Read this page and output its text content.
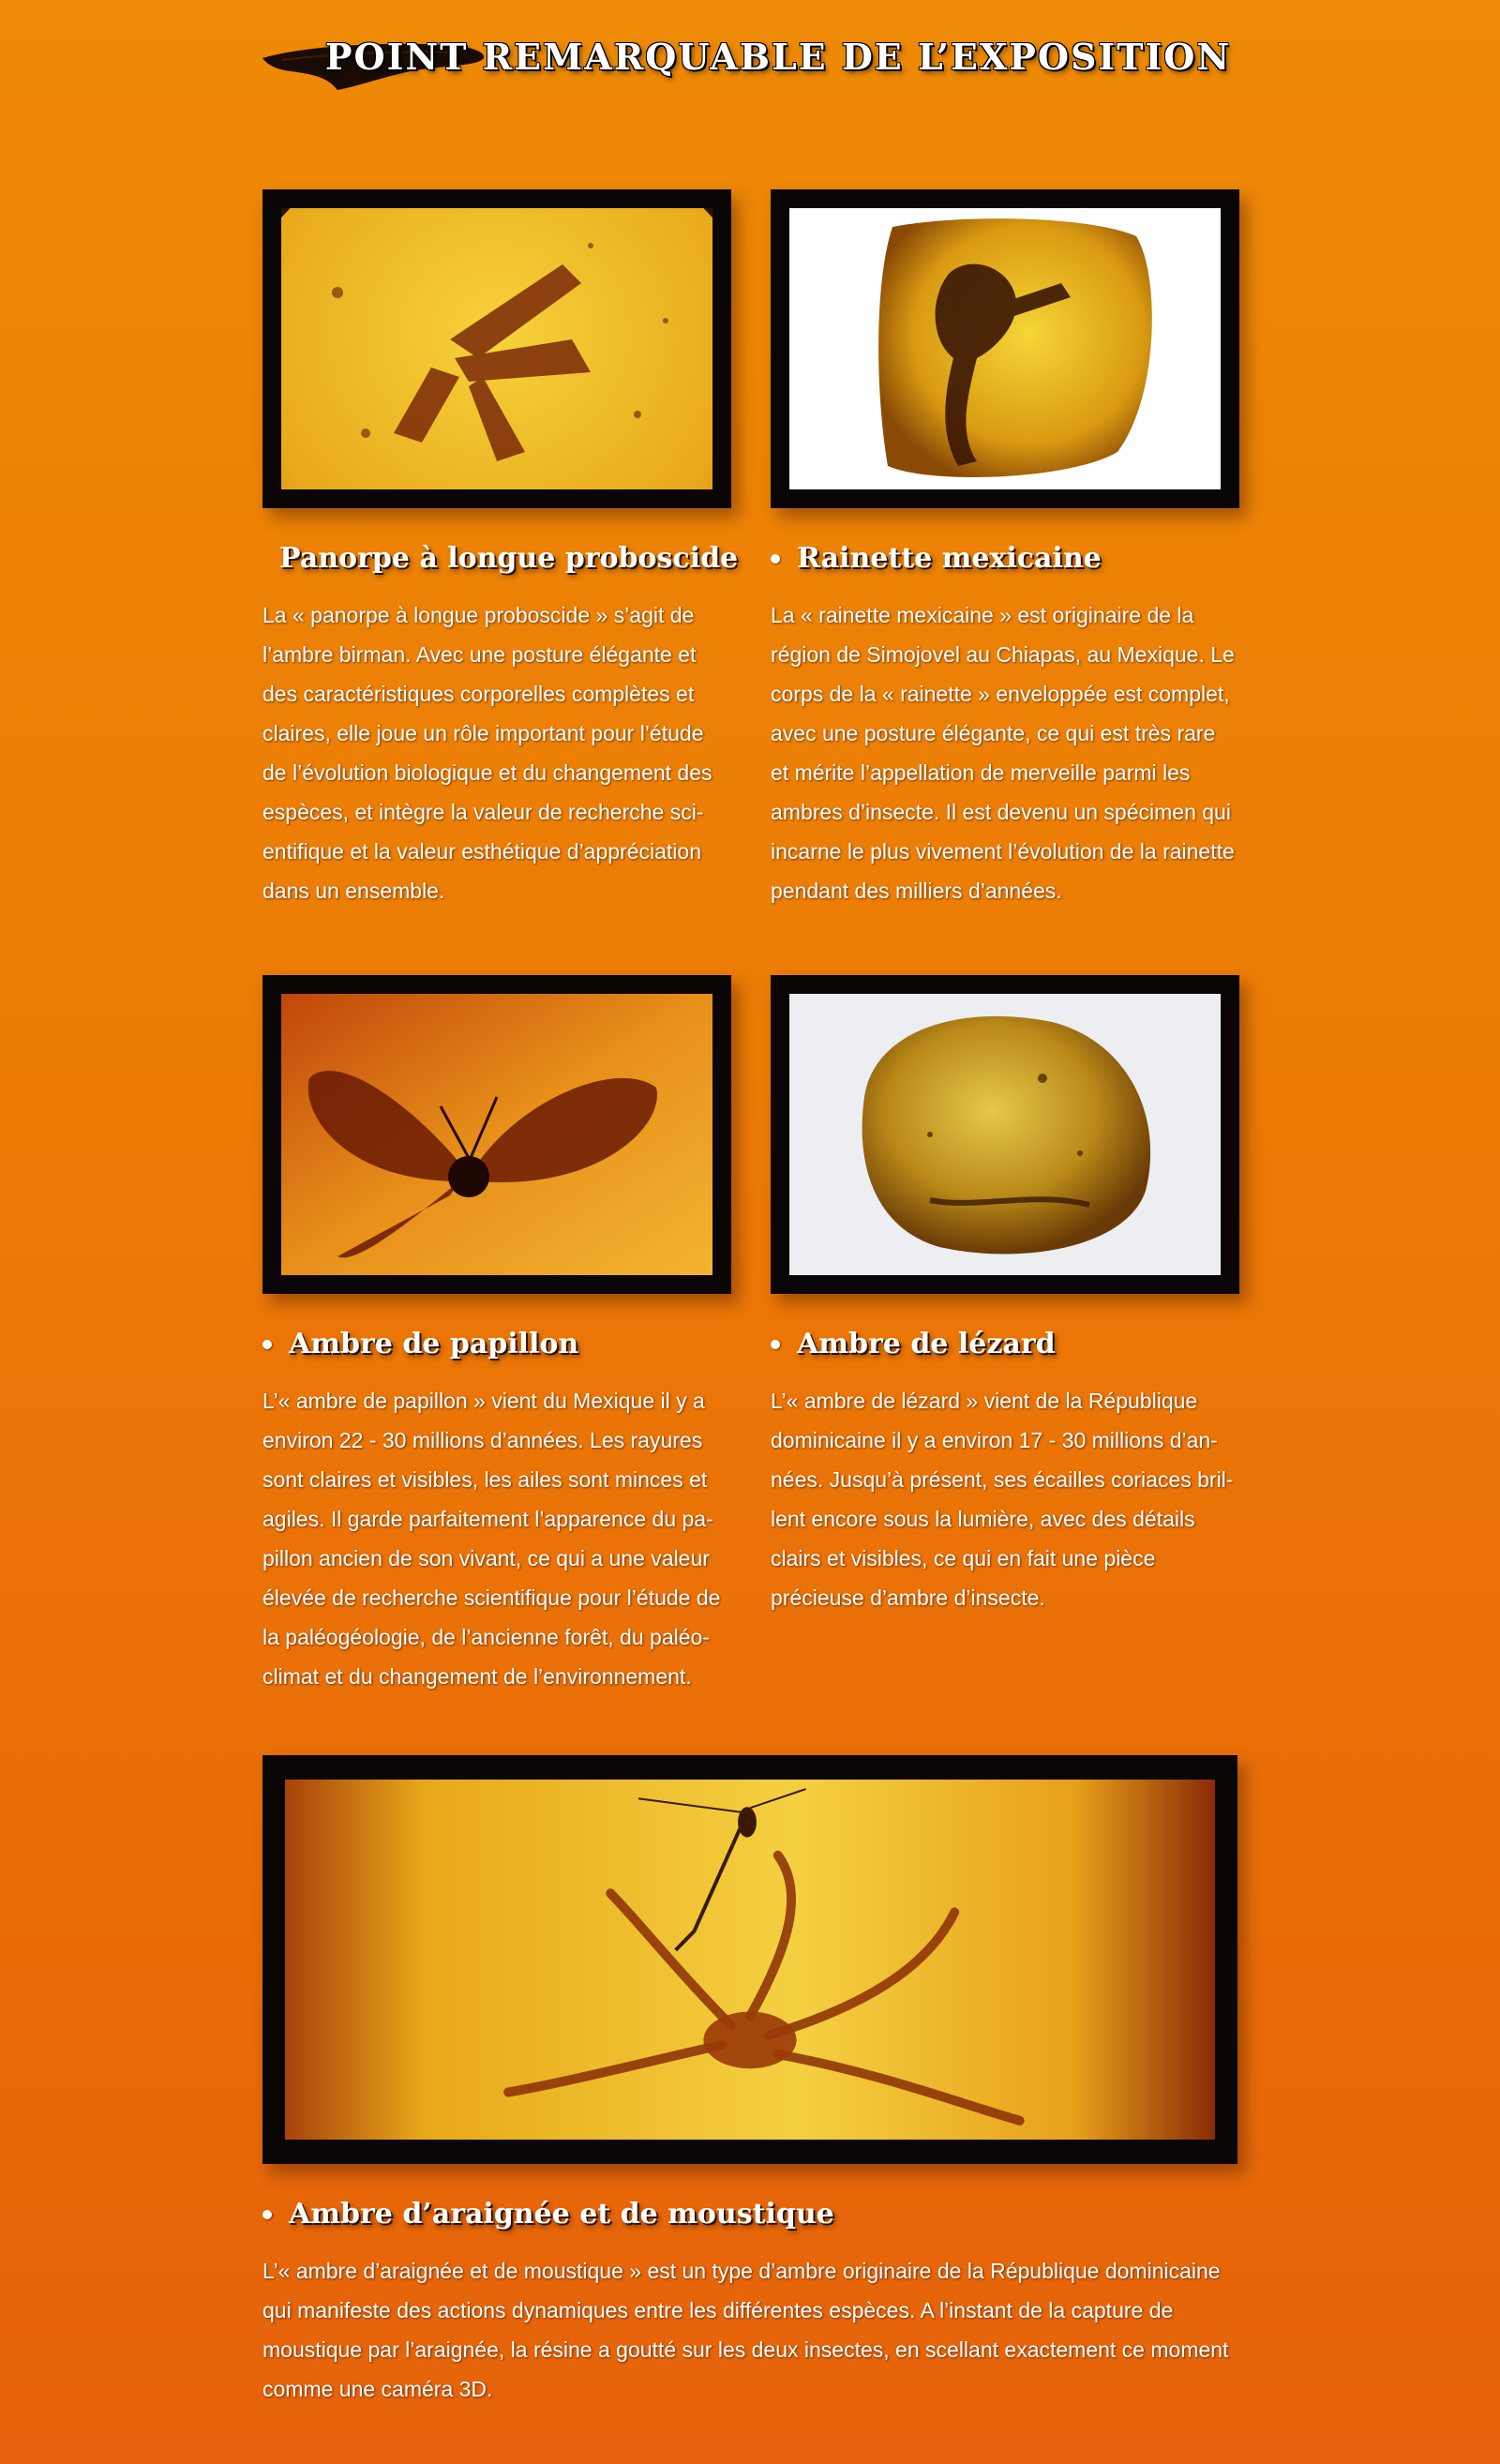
POINT REMARQUABLE DE L’EXPOSITION
Panorpe à longue proboscide
La « panorpe à longue proboscide » s’agit de
l’ambre birman. Avec une posture élégante et
des caractéristiques corporelles complètes et
claires, elle joue un rôle important pour l’étude
de l’évolution biologique et du changement des
espèces, et intègre la valeur de recherche sci-
entifique et la valeur esthétique d’appréciation
dans un ensemble.
Rainette mexicaine
La « rainette mexicaine » est originaire de la
région de Simojovel au Chiapas, au Mexique. Le
corps de la « rainette » enveloppée est complet,
avec une posture élégante, ce qui est très rare
et mérite l’appellation de merveille parmi les
ambres d’insecte. Il est devenu un spécimen qui
incarne le plus vivement l’évolution de la rainette
pendant des milliers d’années.
Ambre de papillon
L’« ambre de papillon » vient du Mexique il y a
environ 22 - 30 millions d’années. Les rayures
sont claires et visibles, les ailes sont minces et
agiles. Il garde parfaitement l’apparence du pa-
pillon ancien de son vivant, ce qui a une valeur
élevée de recherche scientifique pour l’étude de
la paléogéologie, de l’ancienne forêt, du paléo-
climat et du changement de l’environnement.
Ambre de lézard
L’« ambre de lézard » vient de la République
dominicaine il y a environ 17 - 30 millions d’an-
nées. Jusqu’à présent, ses écailles coriaces bril-
lent encore sous la lumière, avec des détails
clairs et visibles, ce qui en fait une pièce
précieuse d’ambre d’insecte.
Ambre d’araignée et de moustique
L’« ambre d’araignée et de moustique » est un type d’ambre originaire de la République dominicaine
qui manifeste des actions dynamiques entre les différentes espèces. A l’instant de la capture de
moustique par l’araignée, la résine a goutté sur les deux insectes, en scellant exactement ce moment
comme une caméra 3D.
